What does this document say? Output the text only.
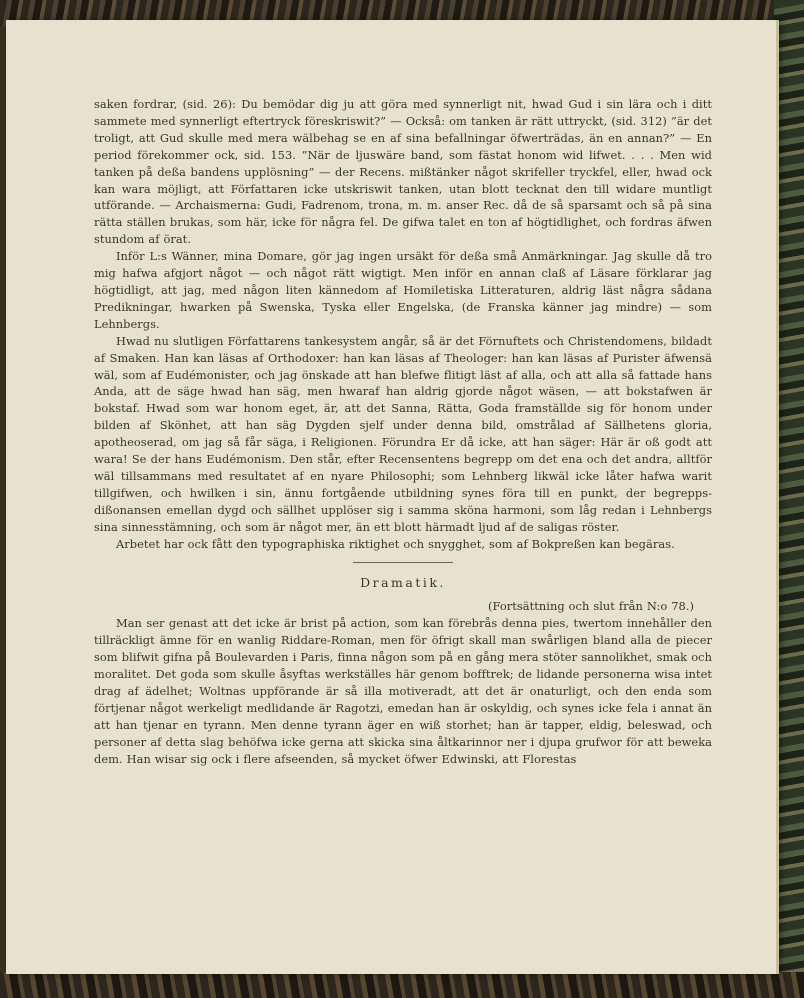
saken fordrar, (sid. 26): Du bemödar dig ju att göra med synnerligt nit, hwad Gud i sin lära och i ditt sammete med synnerligt eftertryck föreskriswit?” — Också: om tanken är rätt uttryckt, (sid. 312) ”är det troligt, att Gud skulle med mera wälbehag se en af sina befallningar öfwerträdas, än en annan?” — En period förekommer ock, sid. 153. ”När de ljuswäre band, som fästat honom wid lifwet. . . . Men wid tanken på deßa bandens upplösning” — der Recens. mißtänker något skrifeller tryckfel, eller, hwad ock kan wara möjligt, att Författaren icke utskriswit tanken, utan blott tecknat den till widare muntligt utförande. — Archaismerna: Gudi, Fadrenom, trona, m. m. anser Rec. då de så sparsamt och så på sina rätta ställen brukas, som här, icke för några fel. De gifwa talet en ton af högtidlighet, och fordras äfwen stundom af örat.

Inför L:s Wänner, mina Domare, gör jag ingen ursäkt för deßa små Anmärkningar. Jag skulle då tro mig hafwa afgjort något — och något rätt wigtigt. Men inför en annan claß af Läsare förklarar jag högtidligt, att jag, med någon liten kännedom af Homiletiska Litteraturen, aldrig läst några sådana Predikningar, hwarken på Swenska, Tyska eller Engelska, (de Franska känner jag mindre) — som Lehnbergs.

Hwad nu slutligen Författarens tankesystem angår, så är det Förnuftets och Christendomens, bildadt af Smaken. Han kan läsas af Orthodoxer: han kan läsas af Theologer: han kan läsas af Purister äfwensä wäl, som af Eudémonister, och jag önskade att han blefwe flitigt läst af alla, och att alla så fattade hans Anda, att de säge hwad han säg, men hwaraf han aldrig gjorde något wäsen, — att bokstafwen är bokstaf. Hwad som war honom eget, är, att det Sanna, Rätta, Goda framställde sig för honom under bilden af Skönhet, att han säg Dygden sjelf under denna bild, omstrålad af Sällhetens gloria, apotheoserad, om jag så får säga, i Religionen. Förundra Er då icke, att han säger: Här är oß godt att wara! Se der hans Eudémonism. Den står, efter Recensentens begrepp om det ena och det andra, alltför wäl tillsammans med resultatet af en nyare Philosophi; som Lehnberg likwäl icke låter hafwa warit tillgifwen, och hwilken i sin, ännu fortgående utbildning synes föra till en punkt, der begrepps-dißonansen emellan dygd och sällhet upplöser sig i samma sköna harmoni, som låg redan i Lehnbergs sina sinnesstämning, och som är något mer, än ett blott härmadt ljud af de saligas röster.

Arbetet har ock fått den typographiska riktighet och snygghet, som af Bokpreßen kan begäras.

Dramatik.

(Fortsättning och slut från N:o 78.)

Man ser genast att det icke är brist på action, som kan förebrås denna pies, twertom innehåller den tillräckligt ämne för en wanlig Riddare-Roman, men för öfrigt skall man swårligen bland alla de piecer som blifwit gifna på Boulevarden i Paris, finna någon som på en gång mera stöter sannolikhet, smak och moralitet. Det goda som skulle åsyftas werkställes här genom bofftrek; de lidande personerna wisa intet drag af ädelhet; Woltnas uppförande är så illa motiveradt, att det är onaturligt, och den enda som förtjenar något werkeligt medlidande är Ragotzi, emedan han är oskyldig, och synes icke fela i annat än att han tjenar en tyrann. Men denne tyrann äger en wiß storhet; han är tapper, eldig, beleswad, och personer af detta slag behöfwa icke gerna att skicka sina åltkarinnor ner i djupa grufwor för att bewеka dem. Han wisar sig ock i flere afseenden, så mycket öfwer Edwinski, att Florestas
